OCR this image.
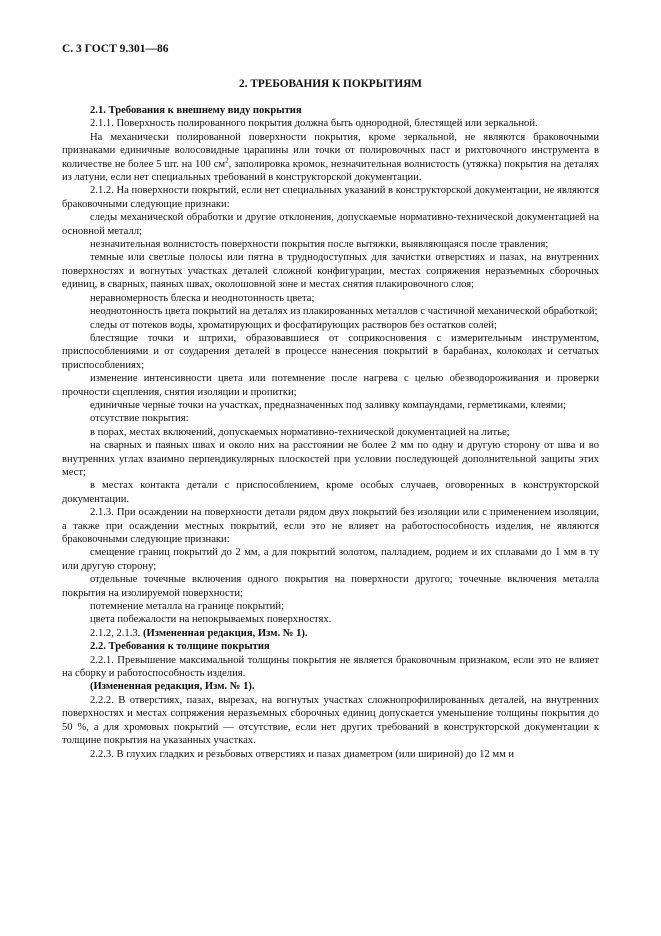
С. 3 ГОСТ 9.301—86
2. ТРЕБОВАНИЯ К ПОКРЫТИЯМ

2.1. Требования к внешнему виду покрытия

2.1.1. Поверхность полированного покрытия должна быть однородной, блестящей или зеркальной.

На механически полированной поверхности покрытия, кроме зеркальной, не являются браковочными признаками единичные волосовидные царапины или точки от полировочных паст и рихтовочного инструмента в количестве не более 5 шт. на 100 $см^2$, заполировка кромок, незначительная волнистость (утяжка) покрытия на деталях из латуни, если нет специальных требований в конструкторской документации.

2.1.2. На поверхности покрытий, если нет специальных указаний в конструкторской документации, не являются браковочными следующие признаки:

следы механической обработки и другие отклонения, допускаемые нормативно-технической документацией на основной металл;

незначительная волнистость поверхности покрытия после вытяжки, выявляющаяся после травления;

темные или светлые полосы или пятна в труднодоступных для зачистки отверстиях и пазах, на внутренних поверхностях и вогнутых участках деталей сложной конфигурации, местах сопряжения неразъемных сборочных единиц, в сварных, паяных швах, околошовной зоне и местах снятия плакировочного слоя;

неравномерность блеска и неоднотонность цвета;

неоднотонность цвета покрытий на деталях из плакированных металлов с частичной механической обработкой;

следы от потеков воды, хроматирующих и фосфатирующих растворов без остатков солей;

блестящие точки и штрихи, образовавшиеся от соприкосновения с измерительным инструментом, приспособлениями и от соударения деталей в процессе нанесения покрытий в барабанах, колоколах и сетчатых приспособлениях;

изменение интенсивности цвета или потемнение после нагрева с целью обезводороживания и проверки прочности сцепления, снятия изоляции и пропитки;

единичные черные точки на участках, предназначенных под заливку компаундами, герметиками, клеями;

отсутствие покрытия:

в порах, местах включений, допускаемых нормативно-технической документацией на литье;

на сварных и паяных швах и около них на расстоянии не более 2 мм по одну и другую сторону от шва и во внутренних углах взаимно перпендикулярных плоскостей при условии последующей дополнительной защиты этих мест;

в местах контакта детали с приспособлением, кроме особых случаев, оговоренных в конструкторской документации.

2.1.3. При осаждении на поверхности детали рядом двух покрытий без изоляции или с применением изоляции, а также при осаждении местных покрытий, если это не влияет на работоспособность изделия, не являются браковочными следующие признаки:

смещение границ покрытий до 2 мм, а для покрытий золотом, палладием, родием и их сплавами до 1 мм в ту или другую сторону;

отдельные точечные включения одного покрытия на поверхности другого; точечные включения металла покрытия на изолируемой поверхности;

потемнение металла на границе покрытий;

цвета побежалости на непокрываемых поверхностях.

2.1.2, 2.1.3. (Измененная редакция, Изм. № 1).

2.2. Требования к толщине покрытия

2.2.1. Превышение максимальной толщины покрытия не является браковочным признаком, если это не влияет на сборку и работоспособность изделия.

(Измененная редакция, Изм. № 1).

2.2.2. В отверстиях, пазах, вырезах, на вогнутых участках сложнопрофилированных деталей, на внутренних поверхностях и местах сопряжения неразъемных сборочных единиц допускается уменьшение толщины покрытия до 50 %, а для хромовых покрытий — отсутствие, если нет других требований в конструкторской документации к толщине покрытия на указанных участках.

2.2.3. В глухих гладких и резьбовых отверстиях и пазах диаметром (или шириной) до 12 мм и
